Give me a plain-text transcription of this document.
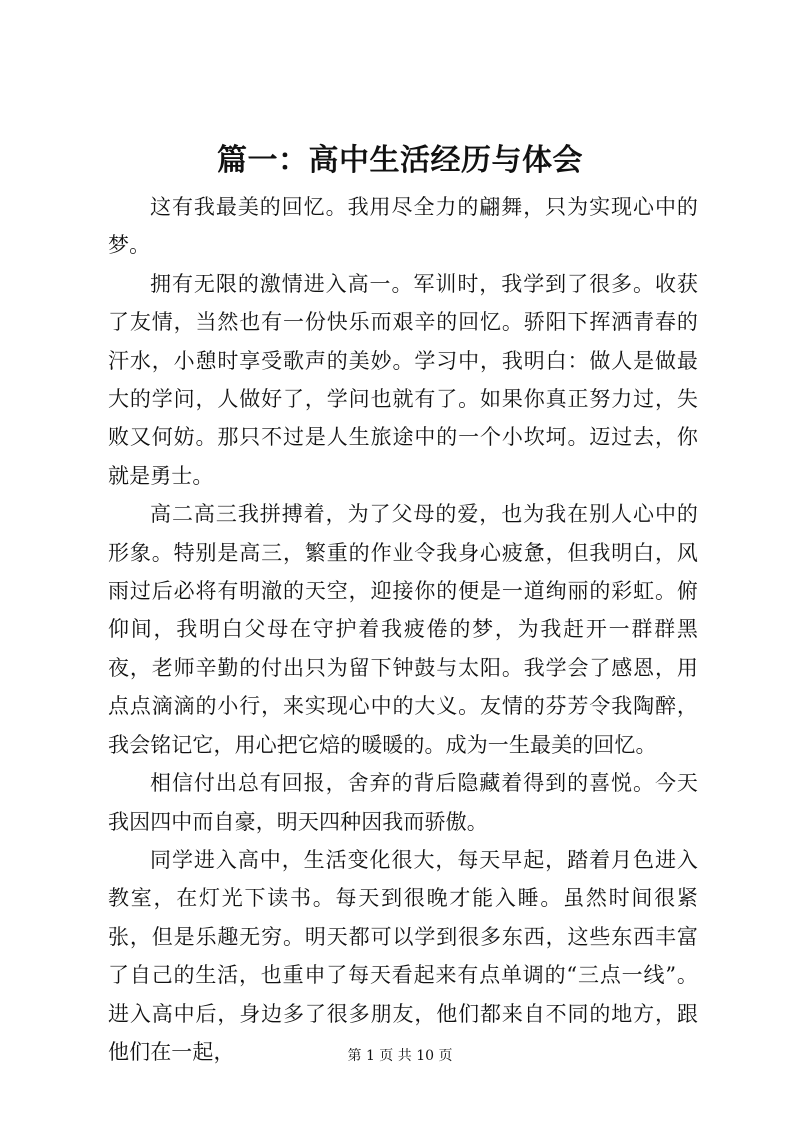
篇一：高中生活经历与体会

这有我最美的回忆。我用尽全力的翩舞，只为实现心中的梦。

拥有无限的激情进入高一。军训时，我学到了很多。收获了友情，当然也有一份快乐而艰辛的回忆。骄阳下挥洒青春的汗水，小憩时享受歌声的美妙。学习中，我明白：做人是做最大的学问，人做好了，学问也就有了。如果你真正努力过，失败又何妨。那只不过是人生旅途中的一个小坎坷。迈过去，你就是勇士。

高二高三我拼搏着，为了父母的爱，也为我在别人心中的形象。特别是高三，繁重的作业令我身心疲惫，但我明白，风雨过后必将有明澈的天空，迎接你的便是一道绚丽的彩虹。俯仰间，我明白父母在守护着我疲倦的梦，为我赶开一群群黑夜，老师辛勤的付出只为留下钟鼓与太阳。我学会了感恩，用点点滴滴的小行，来实现心中的大义。友情的芬芳令我陶醉，我会铭记它，用心把它焙的暖暖的。成为一生最美的回忆。

相信付出总有回报，舍弃的背后隐藏着得到的喜悦。今天我因四中而自豪，明天四种因我而骄傲。

同学进入高中，生活变化很大，每天早起，踏着月色进入教室，在灯光下读书。每天到很晚才能入睡。虽然时间很紧张，但是乐趣无穷。明天都可以学到很多东西，这些东西丰富了自己的生活，也重申了每天看起来有点单调的“三点一线”。进入高中后，身边多了很多朋友，他们都来自不同的地方，跟他们在一起，	第 1 页 共 10 页
